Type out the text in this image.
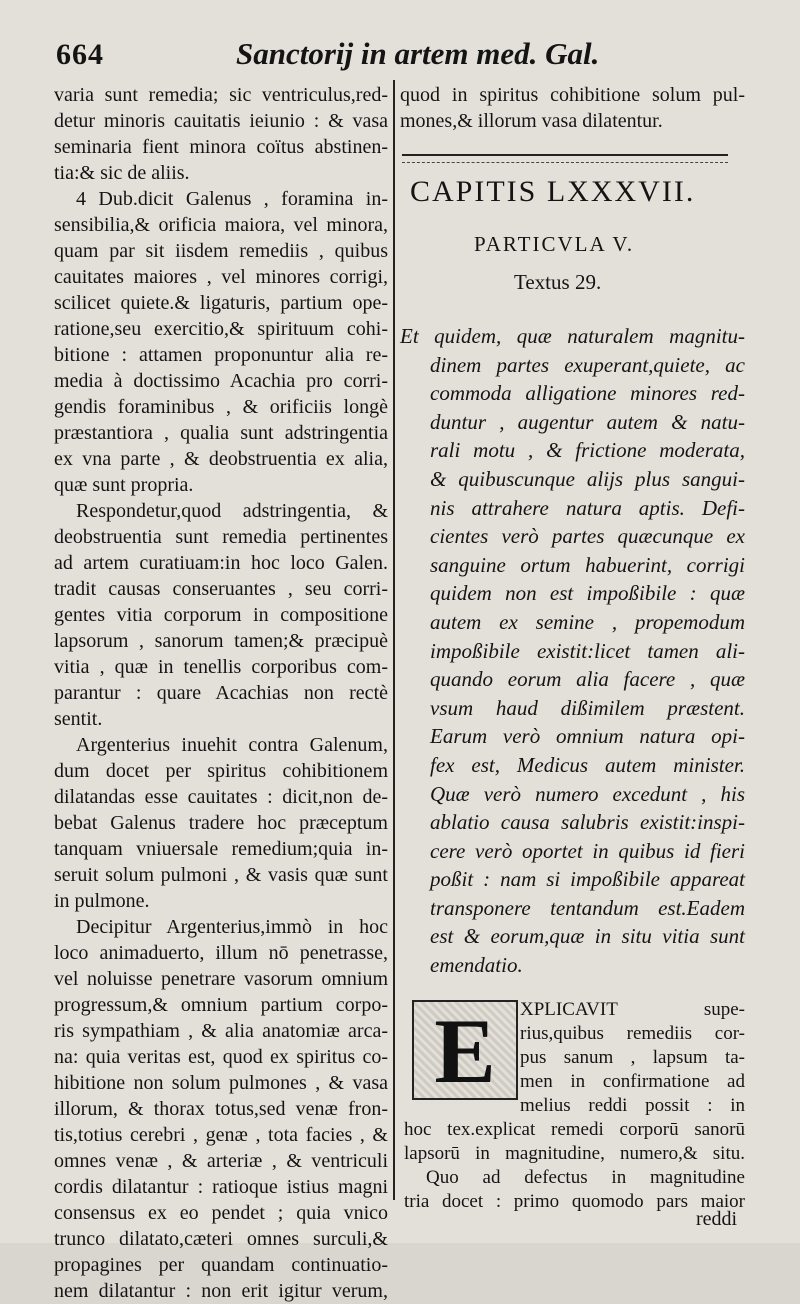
664	Sanctorij in artem med. Gal.
varia sunt remedia; sic ventriculus,red-
detur minoris cauitatis ieiunio : & vasa
seminaria fient minora coïtus abstinen-
tia:& sic de aliis.
4 Dub.dicit Galenus , foramina in-
sensibilia,& orificia maiora, vel minora,
quam par sit iisdem remediis , quibus
cauitates maiores , vel minores corrigi,
scilicet quiete.& ligaturis, partium ope-
ratione,seu exercitio,& spirituum cohi-
bitione : attamen proponuntur alia re-
media à doctissimo Acachia pro corri-
gendis foraminibus , & orificiis longè
præstantiora , qualia sunt adstringentia
ex vna parte , & deobstruentia ex alia,
quæ sunt propria.
Respondetur,quod adstringentia, &
deobstruentia sunt remedia pertinentes
ad artem curatiuam:in hoc loco Galen.
tradit causas conseruantes , seu corri-
gentes vitia corporum in compositione
lapsorum , sanorum tamen;& præcipuè
vitia , quæ in tenellis corporibus com-
parantur : quare Acachias non rectè
sentit.
Argenterius inuehit contra Galenum,
dum docet per spiritus cohibitionem
dilatandas esse cauitates : dicit,non de-
bebat Galenus tradere hoc præceptum
tanquam vniuersale remedium;quia in-
seruit solum pulmoni , & vasis quæ sunt
in pulmone.
Decipitur Argenterius,immò in hoc
loco animaduerto, illum nō penetrasse,
vel noluisse penetrare vasorum omnium
progressum,& omnium partium corpo-
ris sympathiam , & alia anatomiæ arca-
na: quia veritas est, quod ex spiritus co-
hibitione non solum pulmones , & vasa
illorum, & thorax totus,sed venæ fron-
tis,totius cerebri , genæ , tota facies , &
omnes venæ , & arteriæ , & ventriculi
cordis dilatantur : ratioque istius magni
consensus ex eo pendet ; quia vnico
trunco dilatato,cæteri omnes surculi,&
propagines per quandam continuatio-
nem dilatantur : non erit igitur verum,
quod in spiritus cohibitione solum pul-
mones,& illorum vasa dilatentur.
CAPITIS LXXXVII.
PARTICVLA V.
Textus 29.
Et quidem, quæ naturalem magnitu-
dinem partes exuperant,quiete, ac
commoda alligatione minores red-
duntur , augentur autem & natu-
rali motu , & frictione moderata,
& quibuscunque aliјs plus sangui-
nis attrahere natura aptis. Defi-
cientes verò partes quæcunque ex
sanguine ortum habuerint, corrigi
quidem non est impoßibile : quæ
autem ex semine , propemodum
impoßibile existit:licet tamen ali-
quando eorum alia facere , quæ
vsum haud dißimilem præstent.
Earum verò omnium natura opi-
fex est, Medicus autem minister.
Quæ verò numero excedunt , his
ablatio causa salubris existit:inspi-
cere verò oportet in quibus id fieri
poßit : nam si impoßibile appareat
transponere tentandum est.Eadem
est & eorum,quæ in situ vitia sunt
emendatio.
E	XPLICAVIT supe-
rius,quibus remediis cor-
pus sanum , lapsum ta-
men in confirmatione ad
melius reddi possit : in
hoc tex.explicat remedi corporū sanorū
lapsorū in magnitudine, numero,& situ.
Quo ad defectus in magnitudine
tria docet : primo quomodo pars maior
reddi
